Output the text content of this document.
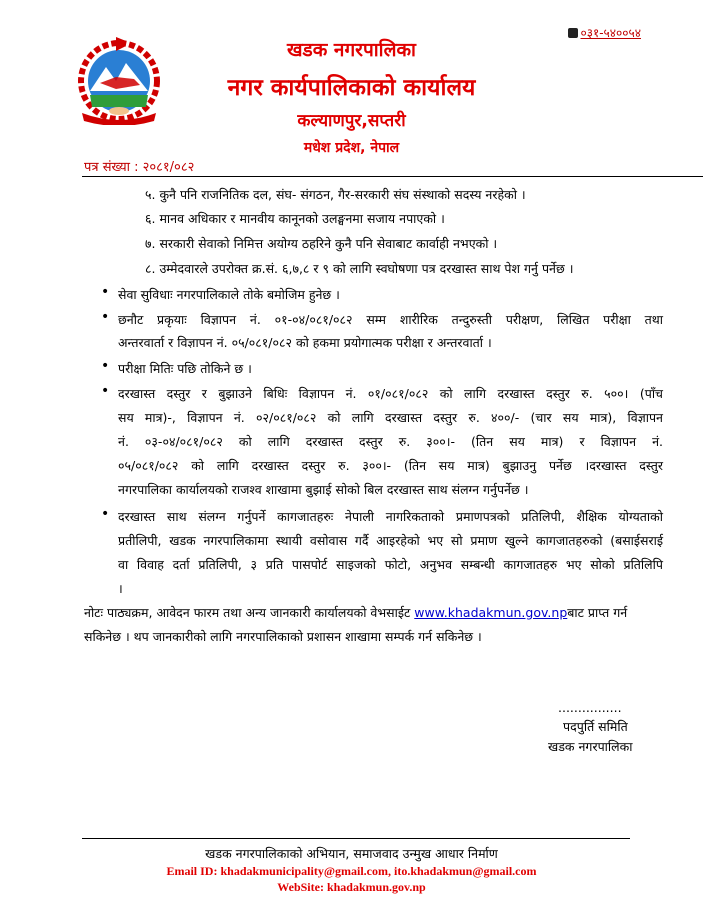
०३१-५४००५४
खडक नगरपालिका
नगर कार्यपालिकाको कार्यालय
कल्याणपुर,सप्तरी
मधेश प्रदेश, नेपाल
पत्र संख्या : २०८१/०८२
५. कुनै पनि राजनितिक दल, संघ- संगठन, गैर-सरकारी संघ संस्थाको सदस्य नरहेको ।
६. मानव अधिकार र मानवीय कानूनको उलङ्घनमा सजाय नपाएको ।
७. सरकारी सेवाको निमित्त अयोग्य ठहरिने कुनै पनि सेवाबाट कार्वाही नभएको ।
८. उम्मेदवारले उपरोक्त क्र.सं. ६,७,८ र ९ को लागि स्वघोषणा पत्र दरखास्त साथ पेश गर्नु पर्नेछ ।
• सेवा सुविधाः नगरपालिकाले तोके बमोजिम हुनेछ ।
• छनौट प्रकृयाः विज्ञापन नं. ०१-०४/०८१/०८२ सम्म शारीरिक तन्दुरुस्ती परीक्षण, लिखित परीक्षा तथा
अन्तरवार्ता र विज्ञापन नं. ०५/०८१/०८२ को हकमा प्रयोगात्मक परीक्षा र अन्तरवार्ता ।
• परीक्षा मितिः पछि तोकिने छ ।
• दरखास्त दस्तुर र बुझाउने बिधिः विज्ञापन नं. ०१/०८१/०८२ को लागि दरखास्त दस्तुर रु. ५००। (पाँच
सय मात्र)-, विज्ञापन नं. ०२/०८१/०८२ को लागि दरखास्त दस्तुर रु. ४००/- (चार सय मात्र), विज्ञापन
नं. ०३-०४/०८१/०८२ को लागि दरखास्त दस्तुर रु. ३००।- (तिन सय मात्र) र विज्ञापन नं.
०५/०८१/०८२ को लागि दरखास्त दस्तुर रु. ३००।- (तिन सय मात्र) बुझाउनु पर्नेछ ।दरखास्त दस्तुर
नगरपालिका कार्यालयको राजश्व शाखामा बुझाई सोको बिल दरखास्त साथ संलग्न गर्नुपर्नेछ ।
• दरखास्त साथ संलग्न गर्नुपर्ने कागजातहरुः नेपाली नागरिकताको प्रमाणपत्रको प्रतिलिपी, शैक्षिक योग्यताको
प्रतीलिपी, खडक नगरपालिकामा स्थायी वसोवास गर्दै आइरहेको भए सो प्रमाण खुल्ने कागजातहरुको (बसाईसराई
वा विवाह दर्ता प्रतिलिपी, ३ प्रति पासपोर्ट साइजको फोटो, अनुभव सम्बन्धी कागजातहरु भए सोको प्रतिलिपि
।
नोटः पाठ्यक्रम, आवेदन फारम तथा अन्य जानकारी कार्यालयको वेभसाईट www.khadakmun.gov.npबाट प्राप्त गर्न
सकिनेछ । थप जानकारीको लागि नगरपालिकाको प्रशासन शाखामा सम्पर्क गर्न सकिनेछ ।
................
पदपुर्ति समिति
खडक नगरपालिका
खडक नगरपालिकाको अभियान, समाजवाद उन्मुख आधार निर्माण
Email ID: khadakmunicipality@gmail.com, ito.khadakmun@gmail.com
WebSite: khadakmun.gov.np
